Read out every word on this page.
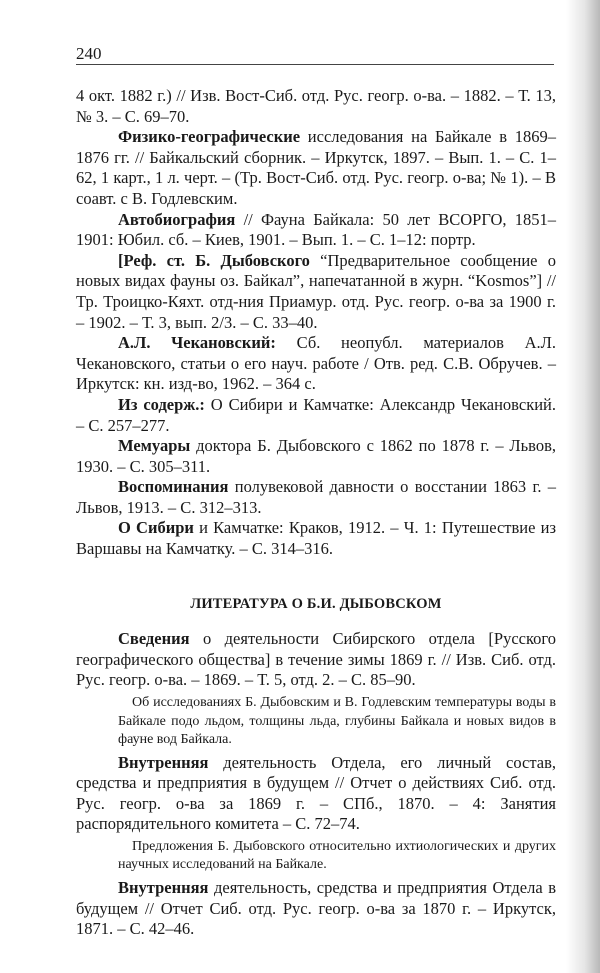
240

4 окт. 1882 г.) // Изв. Вост-Сиб. отд. Рус. геогр. о-ва. – 1882. – Т. 13, № 3. – С. 69–70.

Физико-географические исследования на Байкале в 1869–1876 гг. // Байкальский сборник. – Иркутск, 1897. – Вып. 1. – С. 1–62, 1 карт., 1 л. черт. – (Тр. Вост-Сиб. отд. Рус. геогр. о-ва; № 1). – В соавт. с В. Годлевским.

Автобиография // Фауна Байкала: 50 лет ВСОРГО, 1851–1901: Юбил. сб. – Киев, 1901. – Вып. 1. – С. 1–12: портр.

[Реф. ст. Б. Дыбовского “Предварительное сообщение о новых видах фауны оз. Байкал”, напечатанной в журн. “Kosmos”] // Тр. Троицко-Кяхт. отд-ния Приамур. отд. Рус. геогр. о-ва за 1900 г. – 1902. – Т. 3, вып. 2/3. – С. 33–40.

А.Л. Чекановский: Сб. неопубл. материалов А.Л. Чекановского, статьи о его науч. работе / Отв. ред. С.В. Обручев. – Иркутск: кн. изд-во, 1962. – 364 с.

Из содерж.: О Сибири и Камчатке: Александр Чекановский. – С. 257–277.

Мемуары доктора Б. Дыбовского с 1862 по 1878 г. – Львов, 1930. – С. 305–311.

Воспоминания полувековой давности о восстании 1863 г. – Львов, 1913. – С. 312–313.

О Сибири и Камчатке: Краков, 1912. – Ч. 1: Путешествие из Варшавы на Камчатку. – С. 314–316.

ЛИТЕРАТУРА О Б.И. ДЫБОВСКОМ

Сведения о деятельности Сибирского отдела [Русского географического общества] в течение зимы 1869 г. // Изв. Сиб. отд. Рус. геогр. о-ва. – 1869. – Т. 5, отд. 2. – С. 85–90.

Об исследованиях Б. Дыбовским и В. Годлевским температуры воды в Байкале подо льдом, толщины льда, глубины Байкала и новых видов в фауне вод Байкала.

Внутренняя деятельность Отдела, его личный состав, средства и предприятия в будущем // Отчет о действиях Сиб. отд. Рус. геогр. о-ва за 1869 г. – СПб., 1870. – 4: Занятия распорядительного комитета – С. 72–74.

Предложения Б. Дыбовского относительно ихтиологических и других научных исследований на Байкале.

Внутренняя деятельность, средства и предприятия Отдела в будущем // Отчет Сиб. отд. Рус. геогр. о-ва за 1870 г. – Иркутск, 1871. – С. 42–46.
